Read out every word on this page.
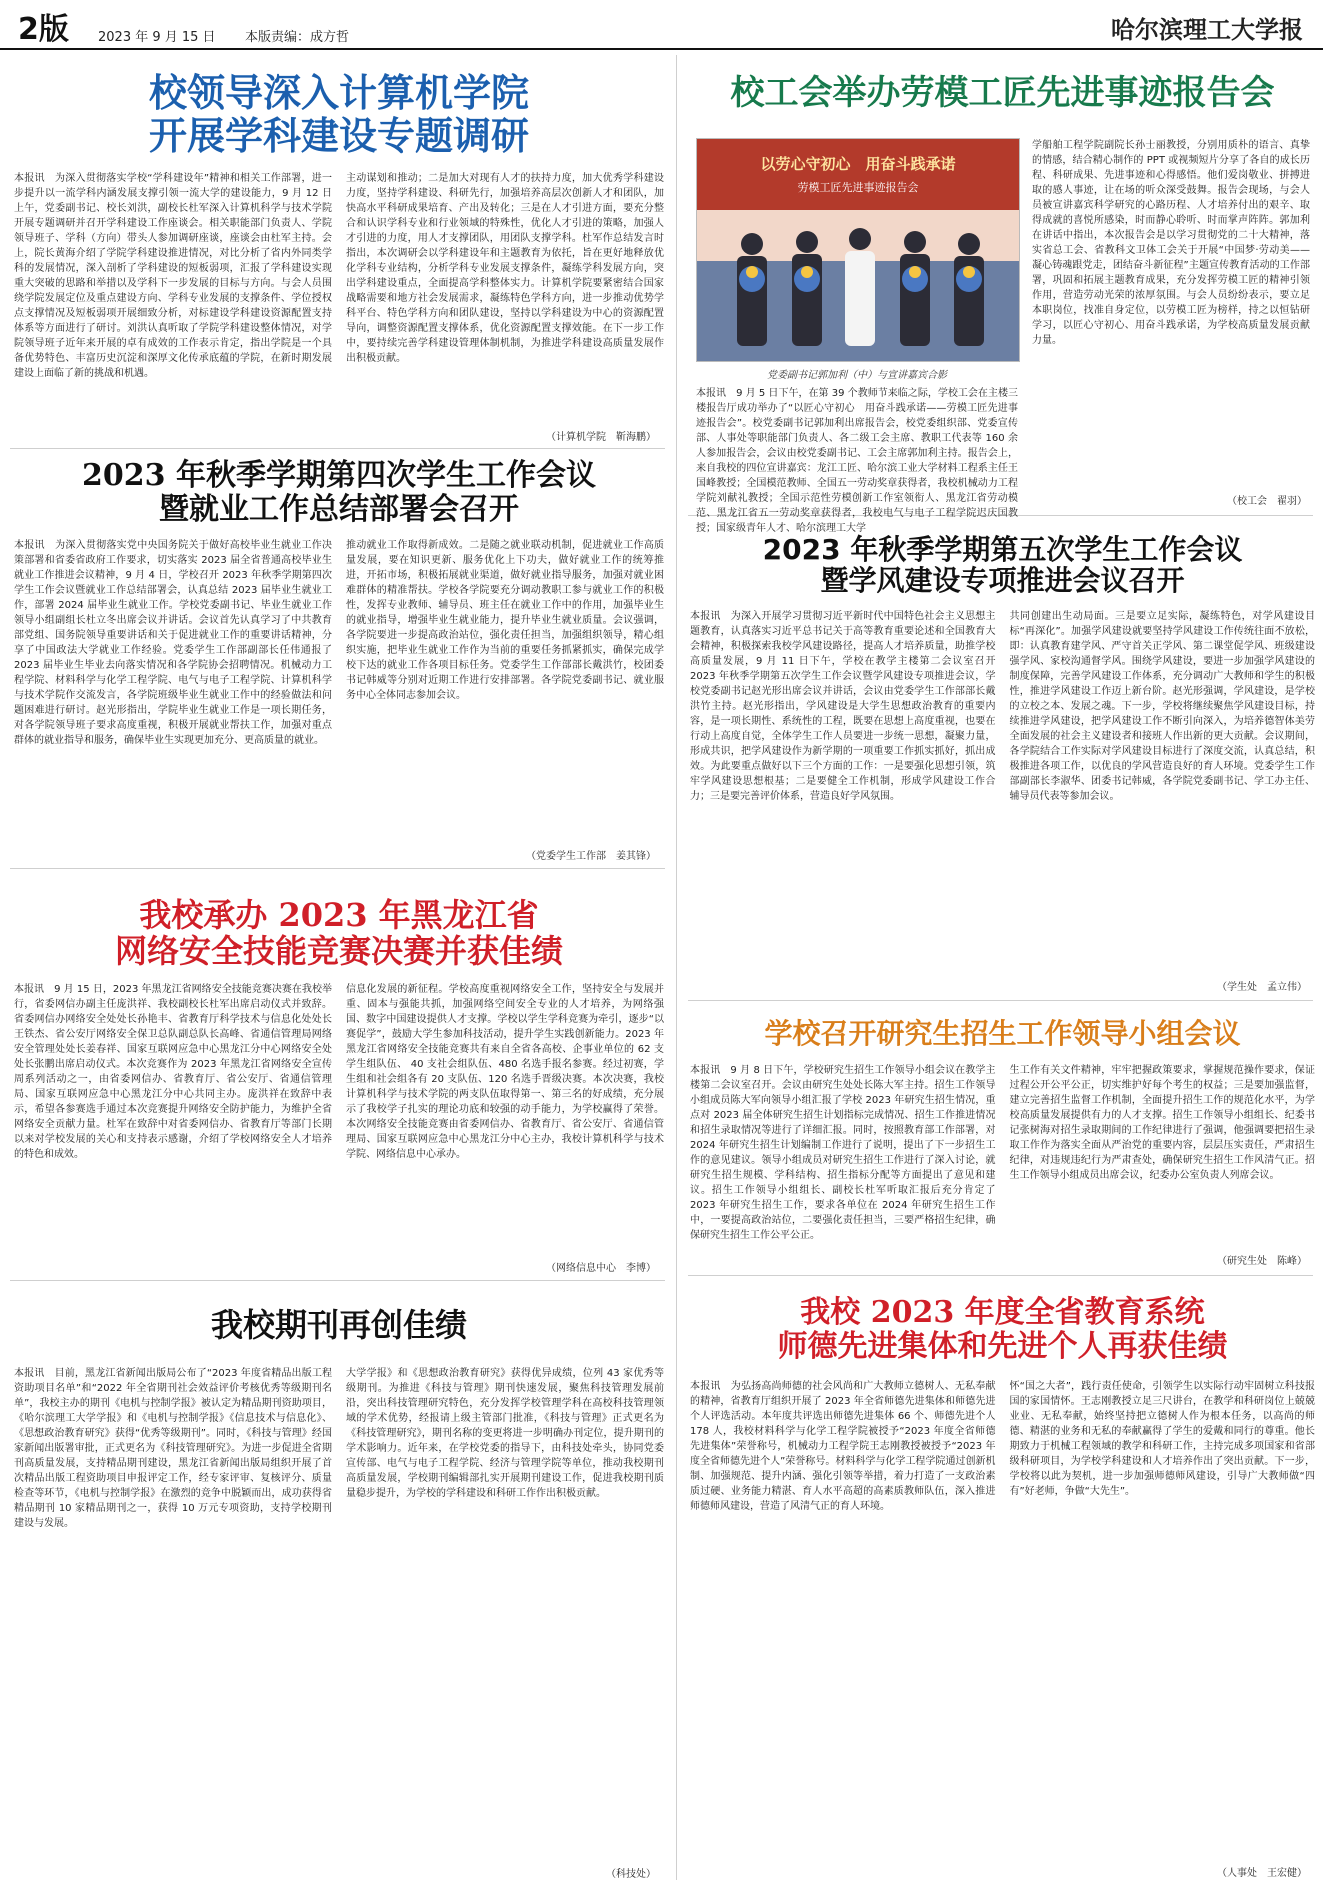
2版 2023 年 9 月 15 日 本版责编：成方哲	哈尔滨理工大学报
校领导深入计算机学院
开展学科建设专题调研
本报讯　为深入贯彻落实学校“学科建设年”精神和相关工作部署，进一步提升以一流学科内涵发展支撑引领一流大学的建设能力，9 月 12 日上午，党委副书记、校长刘洪，副校长杜军深入计算机科学与技术学院开展专题调研并召开学科建设工作座谈会。相关职能部门负责人、学院领导班子、学科（方向）带头人参加调研座谈，座谈会由杜军主持。会上，院长黄海介绍了学院学科建设推进情况，对比分析了省内外同类学科的发展情况，深入剖析了学科建设的短板弱项，汇报了学科建设实现重大突破的思路和举措以及学科下一步发展的目标与方向。与会人员围绕学院发展定位及重点建设方向、学科专业发展的支撑条件、学位授权点支撑情况及短板弱项开展细致分析，对标建设学科建设资源配置支持体系等方面进行了研讨。刘洪认真听取了学院学科建设整体情况，对学院领导班子近年来开展的卓有成效的工作表示肯定，指出学院是一个具备优势特色、丰富历史沉淀和深厚文化传承底蕴的学院，在新时期发展建设上面临了新的挑战和机遇。
主动谋划和推动；二是加大对现有人才的扶持力度，加大优秀学科建设力度，坚持学科建设、科研先行，加强培养高层次创新人才和团队，加快高水平科研成果培育、产出及转化；三是在人才引进方面，要充分整合和认识学科专业和行业领域的特殊性，优化人才引进的策略，加强人才引进的力度，用人才支撑团队，用团队支撑学科。杜军作总结发言时指出，本次调研会以学科建设年和主题教育为依托，旨在更好地释放优化学科专业结构，分析学科专业发展支撑条件，凝练学科发展方向，突出学科建设重点，全面提高学科整体实力。计算机学院要紧密结合国家战略需要和地方社会发展需求，凝练特色学科方向，进一步推动优势学科平台、特色学科方向和团队建设，坚持以学科建设为中心的资源配置导向，调整资源配置支撑体系，优化资源配置支撑效能。在下一步工作中，要持续完善学科建设管理体制机制，为推进学科建设高质量发展作出积极贡献。
（计算机学院　靳海鹏）
2023 年秋季学期第四次学生工作会议
暨就业工作总结部署会召开
本报讯　为深入贯彻落实党中央国务院关于做好高校毕业生就业工作决策部署和省委省政府工作要求，切实落实 2023 届全省普通高校毕业生就业工作推进会议精神，9 月 4 日，学校召开 2023 年秋季学期第四次学生工作会议暨就业工作总结部署会，认真总结 2023 届毕业生就业工作，部署 2024 届毕业生就业工作。学校党委副书记、毕业生就业工作领导小组副组长杜立冬出席会议并讲话。会议首先认真学习了中共教育部党组、国务院领导重要讲话和关于促进就业工作的重要讲话精神，分享了中国政法大学就业工作经验。党委学生工作部副部长任伟通报了 2023 届毕业生毕业去向落实情况和各学院协会招聘情况。机械动力工程学院、材料科学与化学工程学院、电气与电子工程学院、计算机科学与技术学院作交流发言，各学院班级毕业生就业工作中的经验做法和问题困难进行研讨。赵光形指出，学院毕业生就业工作是一项长期任务，对各学院领导班子要求高度重视，积极开展就业帮扶工作，加强对重点群体的就业指导和服务，确保毕业生实现更加充分、更高质量的就业。
推动就业工作取得新成效。二是随之就业联动机制，促进就业工作高质量发展，要在知识更新、服务优化上下功夫，做好就业工作的统筹推进，开拓市场，积极拓展就业渠道，做好就业指导服务，加强对就业困难群体的精准帮扶。学校各学院要充分调动教职工参与就业工作的积极性，发挥专业教师、辅导员、班主任在就业工作中的作用，加强毕业生的就业指导，增强毕业生就业能力，提升毕业生就业质量。会议强调，各学院要进一步提高政治站位，强化责任担当，加强组织领导，精心组织实施，把毕业生就业工作作为当前的重要任务抓紧抓实，确保完成学校下达的就业工作各项目标任务。党委学生工作部部长戴洪竹，校团委书记韩威等分别对近期工作进行安排部署。各学院党委副书记、就业服务中心全体同志参加会议。
（党委学生工作部　姜其锋）
我校承办 2023 年黑龙江省
网络安全技能竞赛决赛并获佳绩
本报讯　9 月 15 日，2023 年黑龙江省网络安全技能竞赛决赛在我校举行，省委网信办副主任庞洪祥、我校副校长杜军出席启动仪式并致辞。省委网信办网络安全处处长孙艳丰、省教育厅科学技术与信息化处处长王铁杰、省公安厅网络安全保卫总队副总队长高峰、省通信管理局网络安全管理处处长姜春祥、国家互联网应急中心黑龙江分中心网络安全处处长张鹏出席启动仪式。本次竞赛作为 2023 年黑龙江省网络安全宣传周系列活动之一，由省委网信办、省教育厅、省公安厅、省通信管理局、国家互联网应急中心黑龙江分中心共同主办。庞洪祥在致辞中表示，希望各参赛选手通过本次竞赛提升网络安全防护能力，为维护全省网络安全贡献力量。杜军在致辞中对省委网信办、省教育厅等部门长期以来对学校发展的关心和支持表示感谢，介绍了学校网络安全人才培养的特色和成效。
信息化发展的新征程。学校高度重视网络安全工作，坚持安全与发展并重、固本与强能共抓，加强网络空间安全专业的人才培养，为网络强国、数字中国建设提供人才支撑。学校以学生学科竞赛为牵引，逐步“以赛促学”，鼓励大学生参加科技活动，提升学生实践创新能力。2023 年黑龙江省网络安全技能竞赛共有来自全省各高校、企事业单位的 62 支学生组队伍、 40 支社会组队伍、480 名选手报名参赛。经过初赛，学生组和社会组各有 20 支队伍、120 名选手晋级决赛。本次决赛，我校计算机科学与技术学院的两支队伍取得第一、第三名的好成绩，充分展示了我校学子扎实的理论功底和较强的动手能力，为学校赢得了荣誉。本次网络安全技能竞赛由省委网信办、省教育厅、省公安厅、省通信管理局、国家互联网应急中心黑龙江分中心主办，我校计算机科学与技术学院、网络信息中心承办。
（网络信息中心　李博）
我校期刊再创佳绩
本报讯　目前，黑龙江省新闻出版局公布了“2023 年度省精品出版工程资助项目名单”和“2022 年全省期刊社会效益评价考核优秀等级期刊名单”，我校主办的期刊《电机与控制学报》被认定为精品期刊资助项目，《哈尔滨理工大学学报》和《电机与控制学报》《信息技术与信息化》、《思想政治教育研究》获得“优秀等级期刊”。同时，《科技与管理》经国家新闻出版署审批，正式更名为《科技管理研究》。为进一步促进全省期刊高质量发展，支持精品期刊建设，黑龙江省新闻出版局组织开展了首次精品出版工程资助项目申报评定工作，经专家评审、复核评分、质量检查等环节，《电机与控制学报》在激烈的竞争中脱颖而出，成功获得省精品期刊 10 家精品期刊之一，获得 10 万元专项资助，支持学校期刊建设与发展。
大学学报》和《思想政治教育研究》获得优异成绩，位列 43 家优秀等级期刊。为推进《科技与管理》期刊快速发展，聚焦科技管理发展前沿，突出科技管理研究特色，充分发挥学校管理学科在高校科技管理领域的学术优势，经报请上级主管部门批准，《科技与管理》正式更名为《科技管理研究》，期刊名称的变更将进一步明确办刊定位，提升期刊的学术影响力。近年来，在学校党委的指导下，由科技处牵头，协同党委宣传部、电气与电子工程学院、经济与管理学院等单位，推动我校期刊高质量发展，学校期刊编辑部扎实开展期刊建设工作，促进我校期刊质量稳步提升，为学校的学科建设和科研工作作出积极贡献。
（科技处）
校工会举办劳模工匠先进事迹报告会
以劳心守初心　用奋斗践承诺
劳模工匠先进事迹报告会
党委副书记郭加利（中）与宣讲嘉宾合影
本报讯　9 月 5 日下午，在第 39 个教师节来临之际，学校工会在主楼三楼报告厅成功举办了“以匠心守初心　用奋斗践承诺——劳模工匠先进事迹报告会”。校党委副书记郭加利出席报告会，校党委组织部、党委宣传部、人事处等职能部门负责人、各二级工会主席、教职工代表等 160 余人参加报告会，会议由校党委副书记、工会主席郭加利主持。报告会上，来自我校的四位宣讲嘉宾：龙江工匠、哈尔滨工业大学材料工程系主任王国峰教授；全国模范教师、全国五一劳动奖章获得者，我校机械动力工程学院刘献礼教授；全国示范性劳模创新工作室领衔人、黑龙江省劳动模范、黑龙江省五一劳动奖章获得者，我校电气与电子工程学院迟庆国教授；国家级青年人才、哈尔滨理工大学
学船舶工程学院副院长孙士丽教授，分别用质朴的语言、真挚的情感，结合精心制作的 PPT 或视频短片分享了各自的成长历程、科研成果、先进事迹和心得感悟。他们爱岗敬业、拼搏进取的感人事迹，让在场的听众深受鼓舞。报告会现场，与会人员被宣讲嘉宾科学研究的心路历程、人才培养付出的艰辛、取得成就的喜悦所感染，时而静心聆听、时而掌声阵阵。郭加利在讲话中指出，本次报告会是以学习贯彻党的二十大精神，落实省总工会、省教科文卫体工会关于开展“中国梦·劳动美——凝心铸魂跟党走，团结奋斗新征程”主题宣传教育活动的工作部署，巩固和拓展主题教育成果，充分发挥劳模工匠的精神引领作用，营造劳动光荣的浓厚氛围。与会人员纷纷表示，要立足本职岗位，找准自身定位，以劳模工匠为榜样，持之以恒钻研学习，以匠心守初心、用奋斗践承诺，为学校高质量发展贡献力量。
（校工会　翟羽）
2023 年秋季学期第五次学生工作会议
暨学风建设专项推进会议召开
本报讯　为深入开展学习贯彻习近平新时代中国特色社会主义思想主题教育，认真落实习近平总书记关于高等教育重要论述和全国教育大会精神，积极探索我校学风建设路径，提高人才培养质量，助推学校高质量发展，9 月 11 日下午，学校在教学主楼第二会议室召开 2023 年秋季学期第五次学生工作会议暨学风建设专项推进会议，学校党委副书记赵光形出席会议并讲话，会议由党委学生工作部部长戴洪竹主持。赵光形指出，学风建设是大学生思想政治教育的重要内容，是一项长期性、系统性的工程，既要在思想上高度重视，也要在行动上高度自觉，全体学生工作人员要进一步统一思想，凝聚力量，形成共识，把学风建设作为新学期的一项重要工作抓实抓好，抓出成效。为此要重点做好以下三个方面的工作：一是要强化思想引领，筑牢学风建设思想根基；二是要健全工作机制，形成学风建设工作合力；三是要完善评价体系，营造良好学风氛围。
共同创建出生动局面。三是要立足实际，凝练特色，对学风建设目标“再深化”。加强学风建设就要坚持学风建设工作传统往面不放松，即：认真教育建学风、严守首关正学风、第二课堂促学风、班级建设强学风、家校沟通督学风。围绕学风建设，要进一步加强学风建设的制度保障，完善学风建设工作体系，充分调动广大教师和学生的积极性，推进学风建设工作迈上新台阶。赵光形强调，学风建设，是学校的立校之本、发展之魂。下一步，学校将继续聚焦学风建设目标，持续推进学风建设，把学风建设工作不断引向深入，为培养德智体美劳全面发展的社会主义建设者和接班人作出新的更大贡献。会议期间，各学院结合工作实际对学风建设目标进行了深度交流，认真总结，积极推进各项工作，以优良的学风营造良好的育人环境。党委学生工作部副部长李淑华、团委书记韩威，各学院党委副书记、学工办主任、辅导员代表等参加会议。
（学生处　孟立伟）
学校召开研究生招生工作领导小组会议
本报讯　9 月 8 日下午，学校研究生招生工作领导小组会议在教学主楼第二会议室召开。会议由研究生处处长陈大军主持。招生工作领导小组成员陈大军向领导小组汇报了学校 2023 年研究生招生情况，重点对 2023 届全体研究生招生计划指标完成情况、招生工作推进情况和招生录取情况等进行了详细汇报。同时，按照教育部工作部署，对 2024 年研究生招生计划编制工作进行了说明，提出了下一步招生工作的意见建议。领导小组成员对研究生招生工作进行了深入讨论，就研究生招生规模、学科结构、招生指标分配等方面提出了意见和建议。招生工作领导小组组长、副校长杜军听取汇报后充分肯定了 2023 年研究生招生工作，要求各单位在 2024 年研究生招生工作中，一要提高政治站位，二要强化责任担当，三要严格招生纪律，确保研究生招生工作公平公正。
生工作有关文件精神，牢牢把握政策要求，掌握规范操作要求，保证过程公开公平公正，切实维护好每个考生的权益；三是要加强监督，建立完善招生监督工作机制，全面提升招生工作的规范化水平，为学校高质量发展提供有力的人才支撑。招生工作领导小组组长、纪委书记张树海对招生录取期间的工作纪律进行了强调，他强调要把招生录取工作作为落实全面从严治党的重要内容，层层压实责任，严肃招生纪律，对违规违纪行为严肃查处，确保研究生招生工作风清气正。招生工作领导小组成员出席会议，纪委办公室负责人列席会议。
（研究生处　陈峰）
我校 2023 年度全省教育系统
师德先进集体和先进个人再获佳绩
本报讯　为弘扬高尚师德的社会风尚和广大教师立德树人、无私奉献的精神，省教育厅组织开展了 2023 年全省师德先进集体和师德先进个人评选活动。本年度共评选出师德先进集体 66 个、师德先进个人 178 人，我校材料科学与化学工程学院被授予“2023 年度全省师德先进集体”荣誉称号，机械动力工程学院王志刚教授被授予“2023 年度全省师德先进个人”荣誉称号。材料科学与化学工程学院通过创新机制、加强规范、提升内涵、强化引领等举措，着力打造了一支政治素质过硬、业务能力精湛、育人水平高超的高素质教师队伍，深入推进师德师风建设，营造了风清气正的育人环境。
怀“国之大者”，践行责任使命，引领学生以实际行动牢固树立科技报国的家国情怀。王志刚教授立足三尺讲台，在教学和科研岗位上兢兢业业、无私奉献，始终坚持把立德树人作为根本任务，以高尚的师德、精湛的业务和无私的奉献赢得了学生的爱戴和同行的尊重。他长期致力于机械工程领域的教学和科研工作，主持完成多项国家和省部级科研项目，为学校学科建设和人才培养作出了突出贡献。下一步，学校将以此为契机，进一步加强师德师风建设，引导广大教师做“四有”好老师，争做“大先生”。
（人事处　王宏健）
